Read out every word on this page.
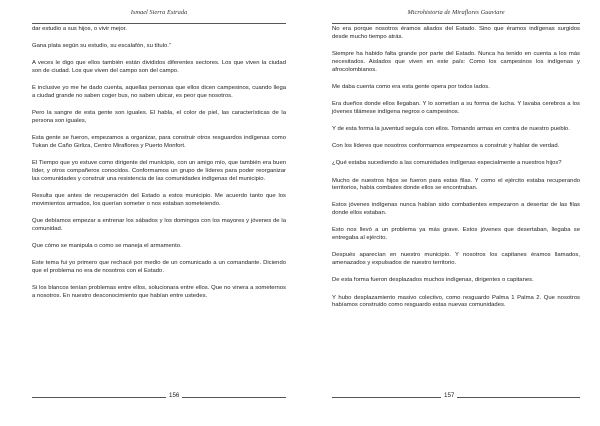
Ismael Sierra Estrada

dar estudio a sus hijos, o vivir mejor.

Gana plata según su estudio, su escalafón, su título.”

A veces le digo que ellos también están divididos diferentes sectores. Los que viven la ciudad son de ciudad. Los que viven del campo son del campo.

E inclusive yo me he dado cuenta, aquellas personas que ellos dicen campesinos, cuando llega a ciudad grande no saben coger bus, no saben ubicar, es peor que nosotros.

Pero la sangre de esta gente son iguales. El habla, el color de piel, las características de la persona son iguales,

Esta gente se fueron, empezamos a organizar, para construir otros resguardos indígenas como Tukan de Caño Girliza, Centro Miraflores y Puerto Monfort.

El Tiempo que yo estuve como dirigente del municipio, con un amigo mío, que también era buen líder, y otros compañeros conocidos. Conformamos un grupo de líderes para poder reorganizar las comunidades y construir una resistencia de las comunidades indígenas del municipio.

Resulta que antes de recuperación del Estado a estos municipio. Me acuerdo tanto que los movimientos armados, los querían someter o nos estaban someteiendo.

Que debíamos empezar a entrenar los sábados y los domingos con los mayores y jóvenes de la comunidad.

Que cómo se manipula o como se maneja el armamento.

Este tema fui yo primero que rechacé por medio de un comunicado a un comandante. Diciendo que el problema no era de nosotros con el Estado.

Si los blancos tenían problemas entre ellos, solucionara entre ellos. Que no vinera a someternos a nosotros. En nuestro desconocimiento que habían entre ustedes.

156
Microhistoria de Miraflores Guaviare

No era porque nosotros éramos aliados del Estado. Sino que éramos indígenas surgidos desde mucho tiempo atrás.

Siempre ha habido falta grande por parte del Estado. Nunca ha tenido en cuenta a los más necesitados. Aislados que viven en este país: Como los campesinos los indígenas y afrocolombianos.

Me daba cuenta como era esta gente opera por todos lados.

Era dueños donde ellos llegaban. Y lo sometían a su forma de lucha. Y lavaba cerebros a los jóvenes tilámese indígena negros o campesinos.

Y de esta forma la juventud seguía con ellos. Tomando armas en contra de nuestro pueblo.

Con los líderes que nosotros conformamos empezamos a construir y hablar de verdad.

¿Qué estaba sucediendo a las comunidades indígenas especialmente a nuestros hijos?

Mucho de nuestros hijos se fueron para estas filas. Y como el ejército estaba recuperando territorios, había combates donde ellos se encontraban.

Estos jóvenes indígenas nunca habían sido combatientes empezaron a desertar de las filas donde ellos estaban.

Esto nos llevó a un problema ya más grave. Estos jóvenes que desertaban, llegaba se entregaba al ejército.

Después aparecían en nuestro municipio. Y nosotros los capitanes éramos llamados, amenazados y expulsados de nuestro territorio.

De esta forma fueron desplazados muchos indígenas, dirigentes o capitanes.

Y hubo desplazamiento masivo colectivo, como resguardo Palma 1 Palma 2. Que nosotros habíamos construido como resguardo estas nuevas comunidades.

157
